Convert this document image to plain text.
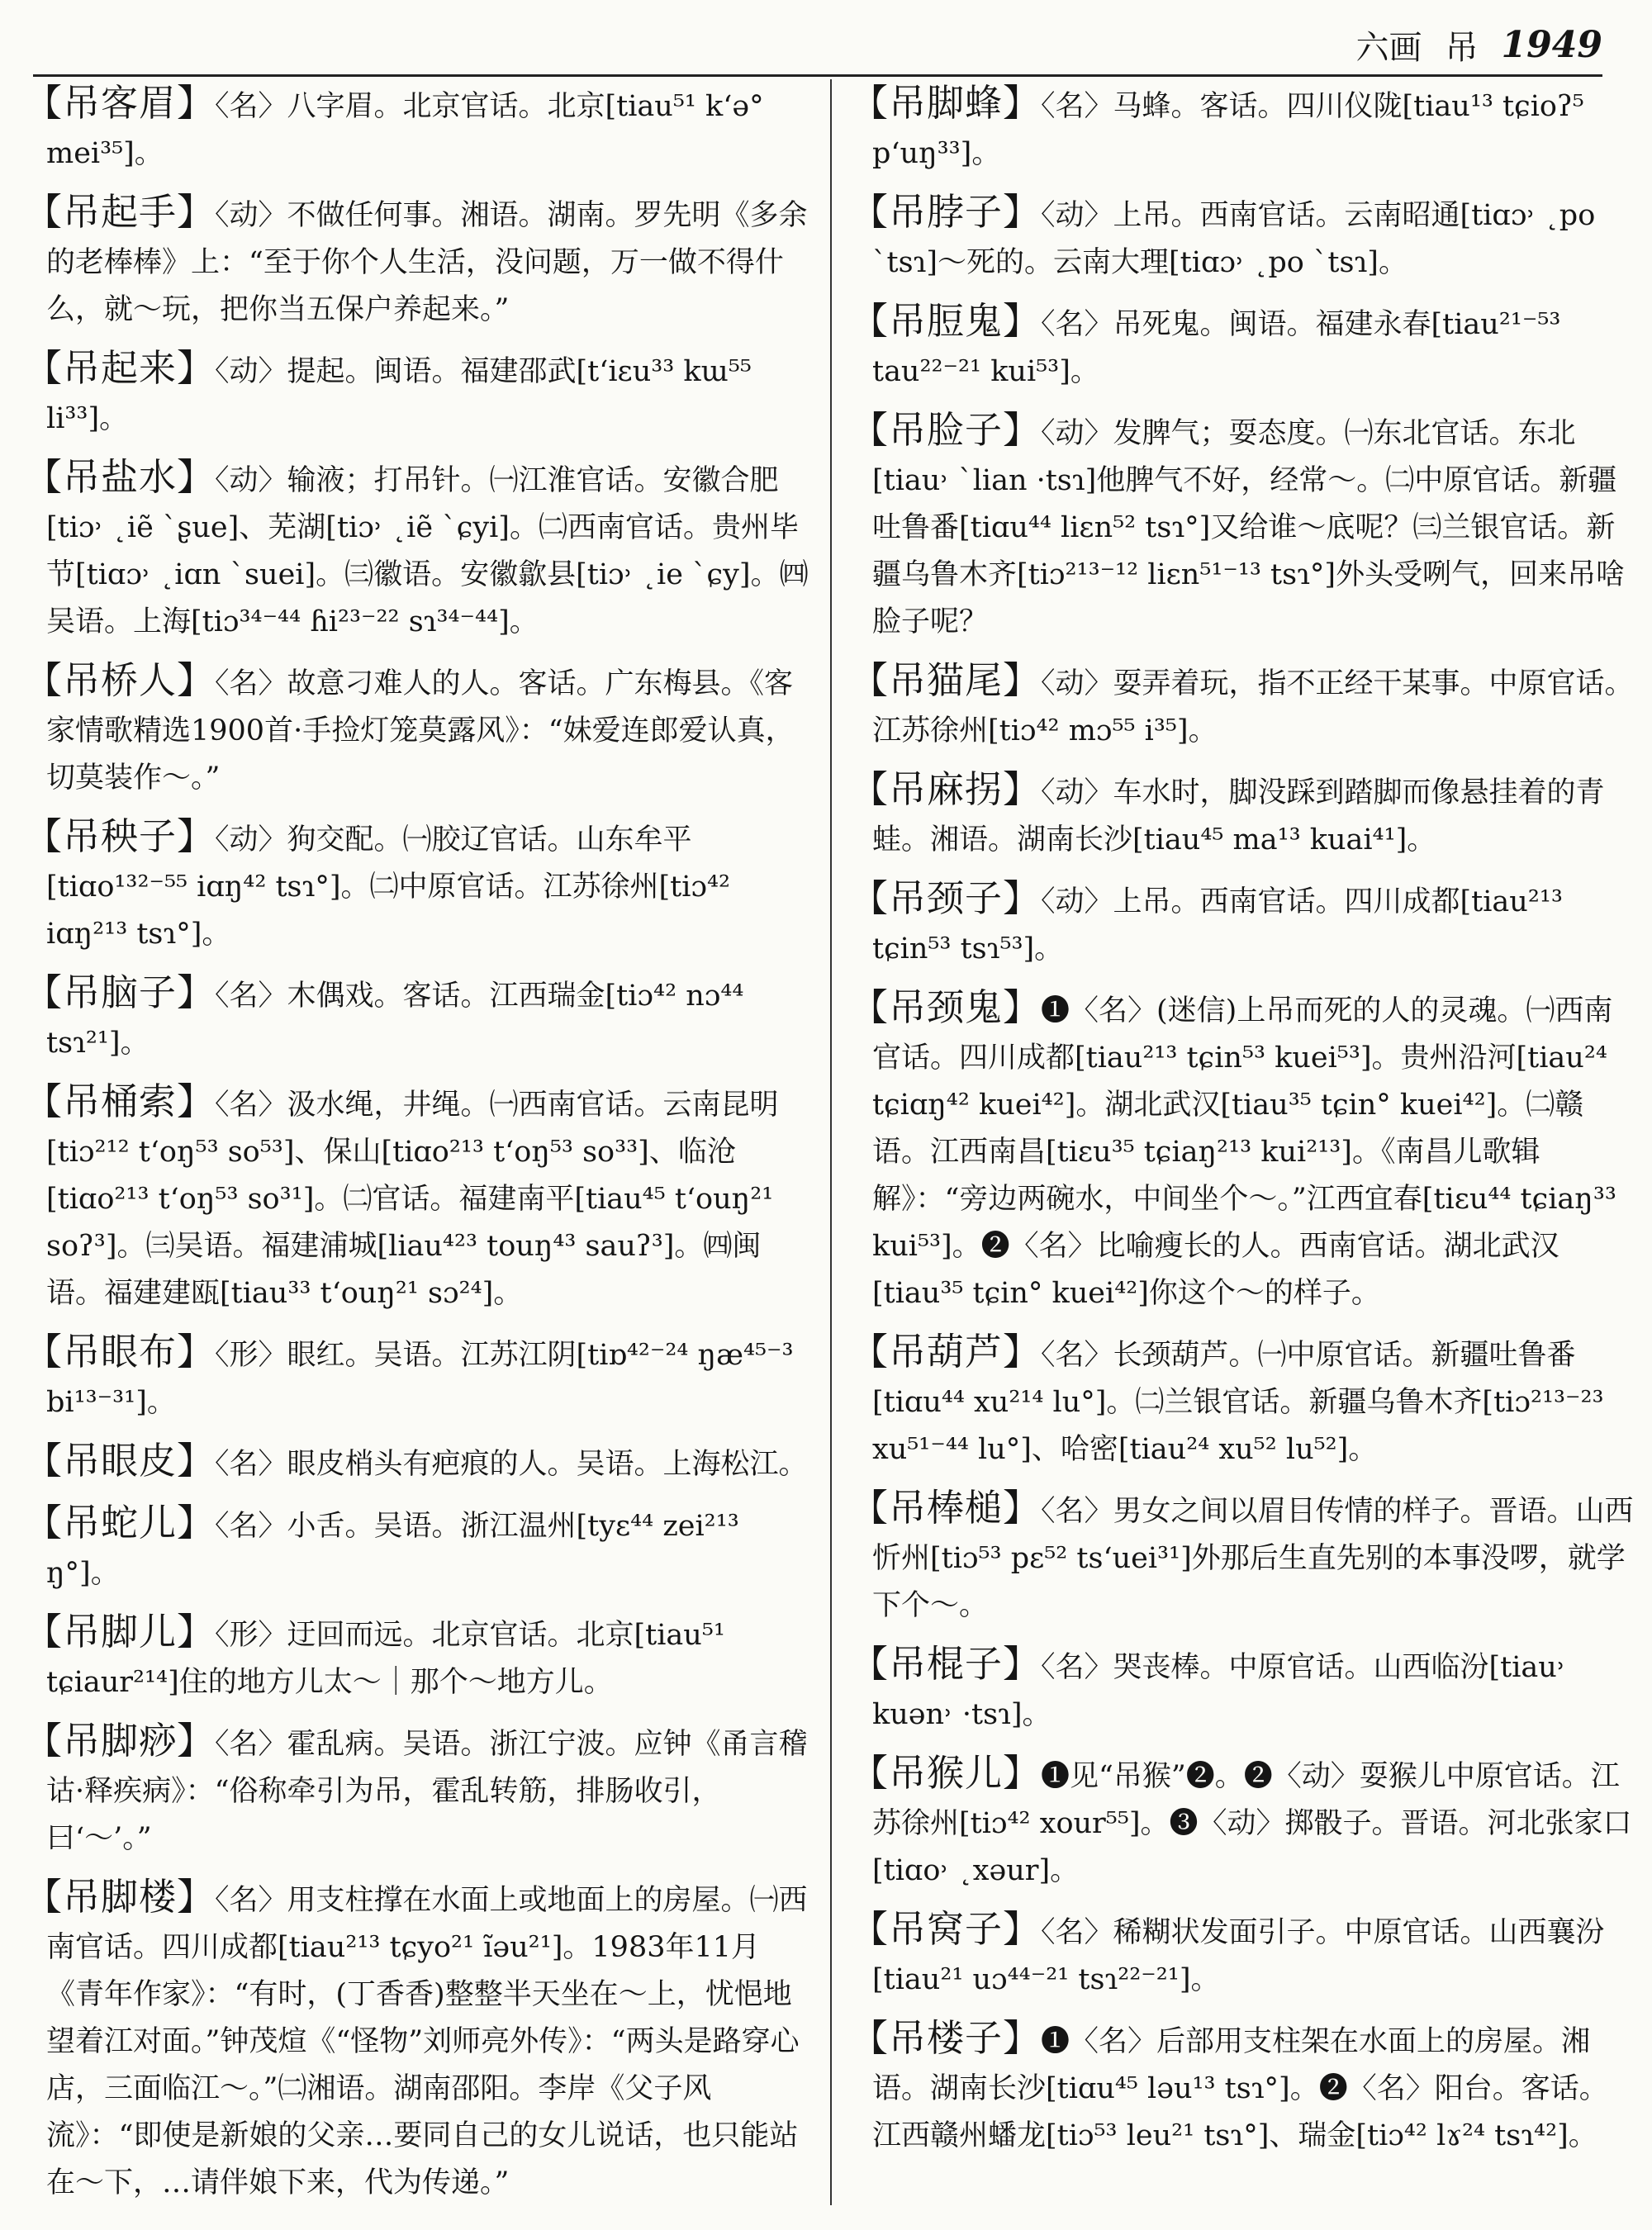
六画 吊 1949

【吊客眉】〈名〉八字眉。北京官话。北京[tiau⁵¹ kʻə° mei³⁵]。

【吊起手】〈动〉不做任何事。湘语。湖南。罗先明《多余的老棒棒》上：“至于你个人生活，没问题，万一做不得什么，就～玩，把你当五保户养起来。”

【吊起来】〈动〉提起。闽语。福建邵武[tʻiɛu³³ kɯ⁵⁵ li³³]。

【吊盐水】〈动〉输液；打吊针。㈠江淮官话。安徽合肥[tiɔ˒ ˛iẽ ˋʂue]、芜湖[tiɔ˒ ˛iẽ ˋɕyi]。㈡西南官话。贵州毕节[tiɑɔ˒ ˛iɑn ˋsuei]。㈢徽语。安徽歙县[tiɔ˒ ˛ie ˋɕy]。㈣吴语。上海[tiɔ³⁴⁻⁴⁴ ɦi²³⁻²² sɿ³⁴⁻⁴⁴]。

【吊桥人】〈名〉故意刁难人的人。客话。广东梅县。《客家情歌精选1900首·手捡灯笼莫露风》：“妹爱连郎爱认真，切莫装作～。”

【吊秧子】〈动〉狗交配。㈠胶辽官话。山东牟平[tiɑo¹³²⁻⁵⁵ iɑŋ⁴² tsɿ°]。㈡中原官话。江苏徐州[tiɔ⁴² iɑŋ²¹³ tsɿ°]。

【吊脑子】〈名〉木偶戏。客话。江西瑞金[tiɔ⁴² nɔ⁴⁴ tsɿ²¹]。

【吊桶索】〈名〉汲水绳，井绳。㈠西南官话。云南昆明[tiɔ²¹² tʻoŋ⁵³ so⁵³]、保山[tiɑo²¹³ tʻoŋ⁵³ so³³]、临沧[tiɑo²¹³ tʻoŋ⁵³ so³¹]。㈡官话。福建南平[tiau⁴⁵ tʻouŋ²¹ soʔ³]。㈢吴语。福建浦城[liau⁴²³ touŋ⁴³ sauʔ³]。㈣闽语。福建建瓯[tiau³³ tʻouŋ²¹ sɔ²⁴]。

【吊眼布】〈形〉眼红。吴语。江苏江阴[tiɒ⁴²⁻²⁴ ŋæ⁴⁵⁻³ bi¹³⁻³¹]。

【吊眼皮】〈名〉眼皮梢头有疤痕的人。吴语。上海松江。

【吊蛇儿】〈名〉小舌。吴语。浙江温州[tyɛ⁴⁴ zei²¹³ ŋ°]。

【吊脚儿】〈形〉迂回而远。北京官话。北京[tiau⁵¹ tɕiaur²¹⁴]住的地方儿太～｜那个～地方儿。

【吊脚痧】〈名〉霍乱病。吴语。浙江宁波。应钟《甬言稽诂·释疾病》：“俗称牵引为吊，霍乱转筋，排肠收引，曰‘～’。”

【吊脚楼】〈名〉用支柱撑在水面上或地面上的房屋。㈠西南官话。四川成都[tiau²¹³ tɕyo²¹ ĩəu²¹]。1983年11月《青年作家》：“有时，(丁香香)整整半天坐在～上，忧悒地望着江对面。”钟茂煊《“怪物”刘师亮外传》：“两头是路穿心店，三面临江～。”㈡湘语。湖南邵阳。李岸《父子风流》：“即使是新娘的父亲…要同自己的女儿说话，也只能站在～下，…请伴娘下来，代为传递。”

【吊脚蜂】〈名〉马蜂。客话。四川仪陇[tiau¹³ tɕioʔ⁵ pʻuŋ³³]。

【吊脖子】〈动〉上吊。西南官话。云南昭通[tiɑɔ˒ ˛po ˋtsɿ]～死的。云南大理[tiɑɔ˒ ˛po ˋtsɿ]。

【吊脰鬼】〈名〉吊死鬼。闽语。福建永春[tiau²¹⁻⁵³ tau²²⁻²¹ kui⁵³]。

【吊脸子】〈动〉发脾气；耍态度。㈠东北官话。东北[tiau˒ ˋlian ·tsɿ]他脾气不好，经常～。㈡中原官话。新疆吐鲁番[tiɑu⁴⁴ liɛn⁵² tsɿ°]又给谁～底呢？㈢兰银官话。新疆乌鲁木齐[tiɔ²¹³⁻¹² liɛn⁵¹⁻¹³ tsɿ°]外头受咧气，回来吊啥脸子呢？

【吊猫尾】〈动〉耍弄着玩，指不正经干某事。中原官话。江苏徐州[tiɔ⁴² mɔ⁵⁵ i³⁵]。

【吊麻拐】〈动〉车水时，脚没踩到踏脚而像悬挂着的青蛙。湘语。湖南长沙[tiau⁴⁵ ma¹³ kuai⁴¹]。

【吊颈子】〈动〉上吊。西南官话。四川成都[tiau²¹³ tɕin⁵³ tsɿ⁵³]。

【吊颈鬼】❶〈名〉(迷信)上吊而死的人的灵魂。㈠西南官话。四川成都[tiau²¹³ tɕin⁵³ kuei⁵³]。贵州沿河[tiau²⁴ tɕiɑŋ⁴² kuei⁴²]。湖北武汉[tiau³⁵ tɕin° kuei⁴²]。㈡赣语。江西南昌[tiɛu³⁵ tɕiaŋ²¹³ kui²¹³]。《南昌儿歌辑解》：“旁边两碗水，中间坐个～。”江西宜春[tiɛu⁴⁴ tɕiaŋ³³ kui⁵³]。❷〈名〉比喻瘦长的人。西南官话。湖北武汉[tiau³⁵ tɕin° kuei⁴²]你这个～的样子。

【吊葫芦】〈名〉长颈葫芦。㈠中原官话。新疆吐鲁番[tiɑu⁴⁴ xu²¹⁴ lu°]。㈡兰银官话。新疆乌鲁木齐[tiɔ²¹³⁻²³ xu⁵¹⁻⁴⁴ lu°]、哈密[tiau²⁴ xu⁵² lu⁵²]。

【吊棒槌】〈名〉男女之间以眉目传情的样子。晋语。山西忻州[tiɔ⁵³ pɛ⁵² tsʻuei³¹]外那后生直先别的本事没啰，就学下个～。

【吊棍子】〈名〉哭丧棒。中原官话。山西临汾[tiau˒ kuən˒ ·tsɿ]。

【吊猴儿】❶见“吊猴”❷。❷〈动〉耍猴儿中原官话。江苏徐州[tiɔ⁴² xour⁵⁵]。❸〈动〉掷骰子。晋语。河北张家口[tiɑo˒ ˛xəur]。

【吊窝子】〈名〉稀糊状发面引子。中原官话。山西襄汾[tiau²¹ uɔ⁴⁴⁻²¹ tsɿ²²⁻²¹]。

【吊楼子】❶〈名〉后部用支柱架在水面上的房屋。湘语。湖南长沙[tiɑu⁴⁵ ləu¹³ tsɿ°]。❷〈名〉阳台。客话。江西赣州蟠龙[tiɔ⁵³ leu²¹ tsɿ°]、瑞金[tiɔ⁴² lɤ²⁴ tsɿ⁴²]。
